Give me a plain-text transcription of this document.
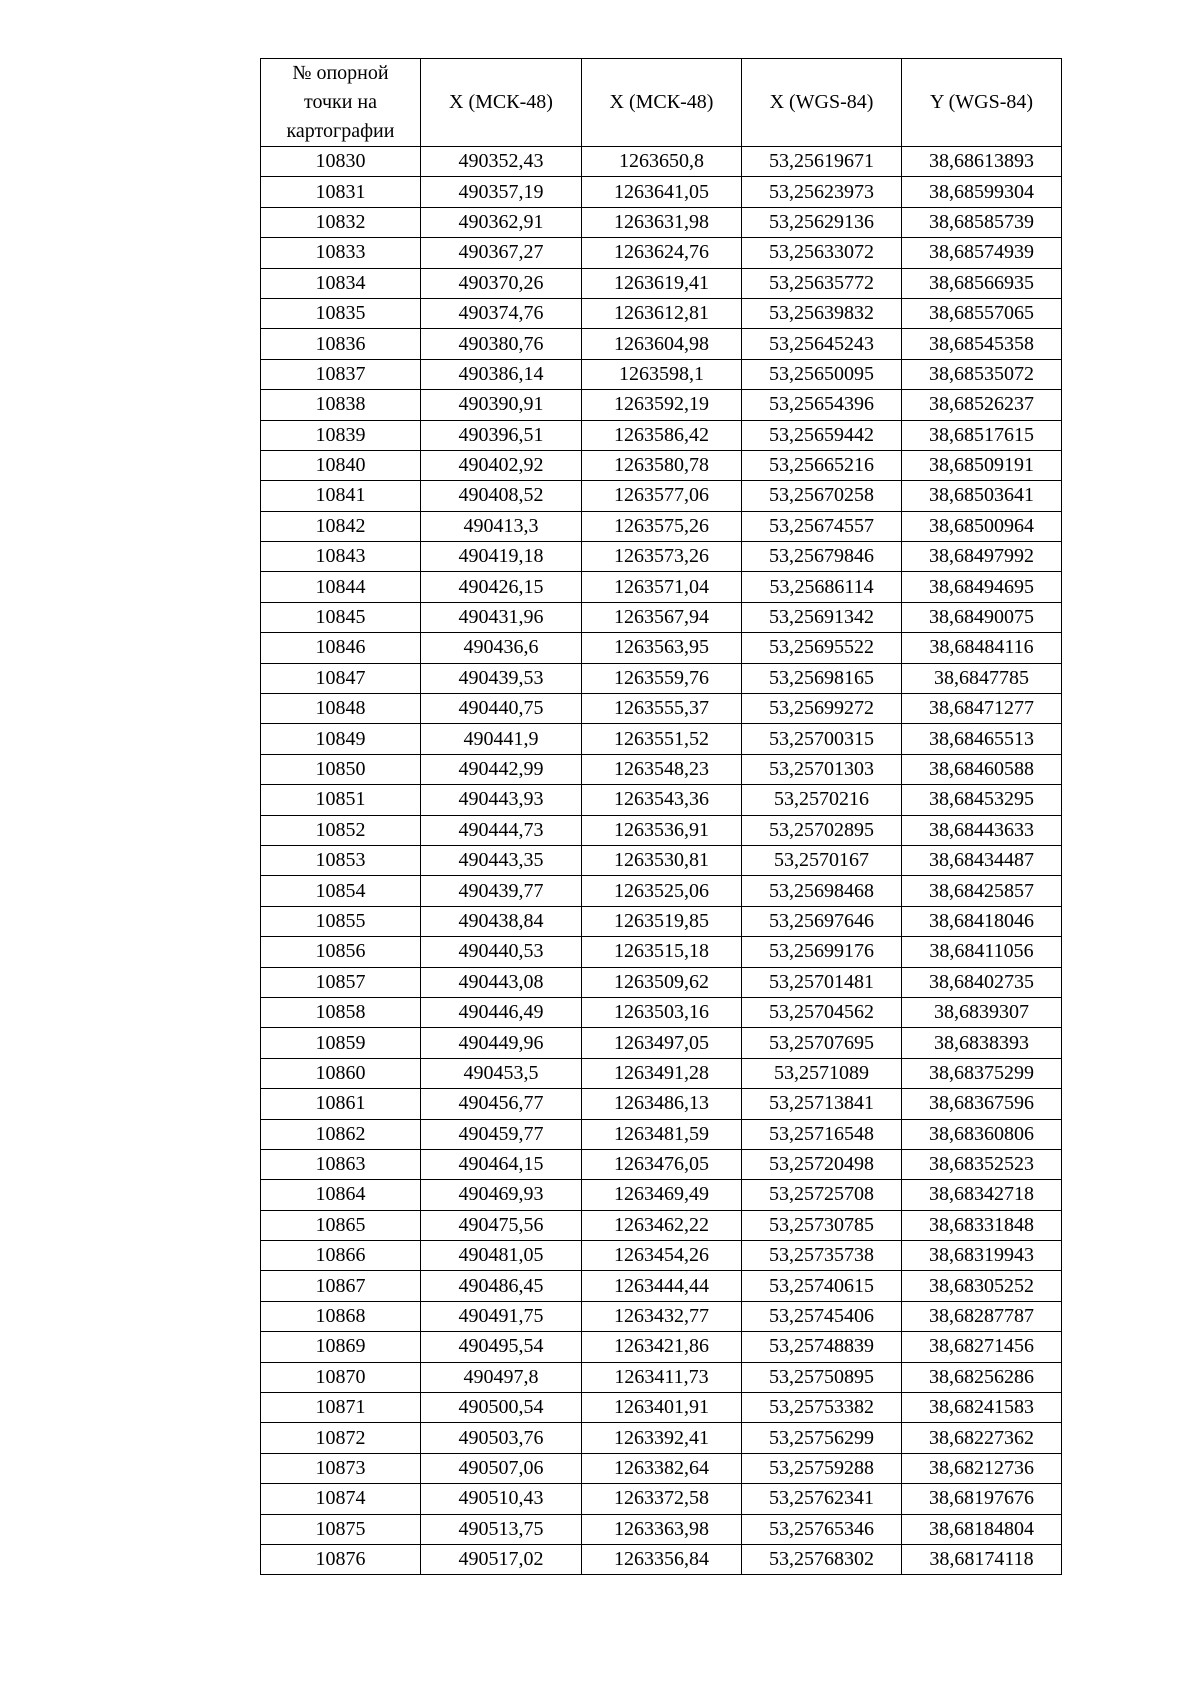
№ опорной
точки на
картографии	X (МСК-48)	X (МСК-48)	X (WGS-84)	Y (WGS-84)
10830	490352,43	1263650,8	53,25619671	38,68613893
10831	490357,19	1263641,05	53,25623973	38,68599304
10832	490362,91	1263631,98	53,25629136	38,68585739
10833	490367,27	1263624,76	53,25633072	38,68574939
10834	490370,26	1263619,41	53,25635772	38,68566935
10835	490374,76	1263612,81	53,25639832	38,68557065
10836	490380,76	1263604,98	53,25645243	38,68545358
10837	490386,14	1263598,1	53,25650095	38,68535072
10838	490390,91	1263592,19	53,25654396	38,68526237
10839	490396,51	1263586,42	53,25659442	38,68517615
10840	490402,92	1263580,78	53,25665216	38,68509191
10841	490408,52	1263577,06	53,25670258	38,68503641
10842	490413,3	1263575,26	53,25674557	38,68500964
10843	490419,18	1263573,26	53,25679846	38,68497992
10844	490426,15	1263571,04	53,25686114	38,68494695
10845	490431,96	1263567,94	53,25691342	38,68490075
10846	490436,6	1263563,95	53,25695522	38,68484116
10847	490439,53	1263559,76	53,25698165	38,6847785
10848	490440,75	1263555,37	53,25699272	38,68471277
10849	490441,9	1263551,52	53,25700315	38,68465513
10850	490442,99	1263548,23	53,25701303	38,68460588
10851	490443,93	1263543,36	53,2570216	38,68453295
10852	490444,73	1263536,91	53,25702895	38,68443633
10853	490443,35	1263530,81	53,2570167	38,68434487
10854	490439,77	1263525,06	53,25698468	38,68425857
10855	490438,84	1263519,85	53,25697646	38,68418046
10856	490440,53	1263515,18	53,25699176	38,68411056
10857	490443,08	1263509,62	53,25701481	38,68402735
10858	490446,49	1263503,16	53,25704562	38,6839307
10859	490449,96	1263497,05	53,25707695	38,6838393
10860	490453,5	1263491,28	53,2571089	38,68375299
10861	490456,77	1263486,13	53,25713841	38,68367596
10862	490459,77	1263481,59	53,25716548	38,68360806
10863	490464,15	1263476,05	53,25720498	38,68352523
10864	490469,93	1263469,49	53,25725708	38,68342718
10865	490475,56	1263462,22	53,25730785	38,68331848
10866	490481,05	1263454,26	53,25735738	38,68319943
10867	490486,45	1263444,44	53,25740615	38,68305252
10868	490491,75	1263432,77	53,25745406	38,68287787
10869	490495,54	1263421,86	53,25748839	38,68271456
10870	490497,8	1263411,73	53,25750895	38,68256286
10871	490500,54	1263401,91	53,25753382	38,68241583
10872	490503,76	1263392,41	53,25756299	38,68227362
10873	490507,06	1263382,64	53,25759288	38,68212736
10874	490510,43	1263372,58	53,25762341	38,68197676
10875	490513,75	1263363,98	53,25765346	38,68184804
10876	490517,02	1263356,84	53,25768302	38,68174118
